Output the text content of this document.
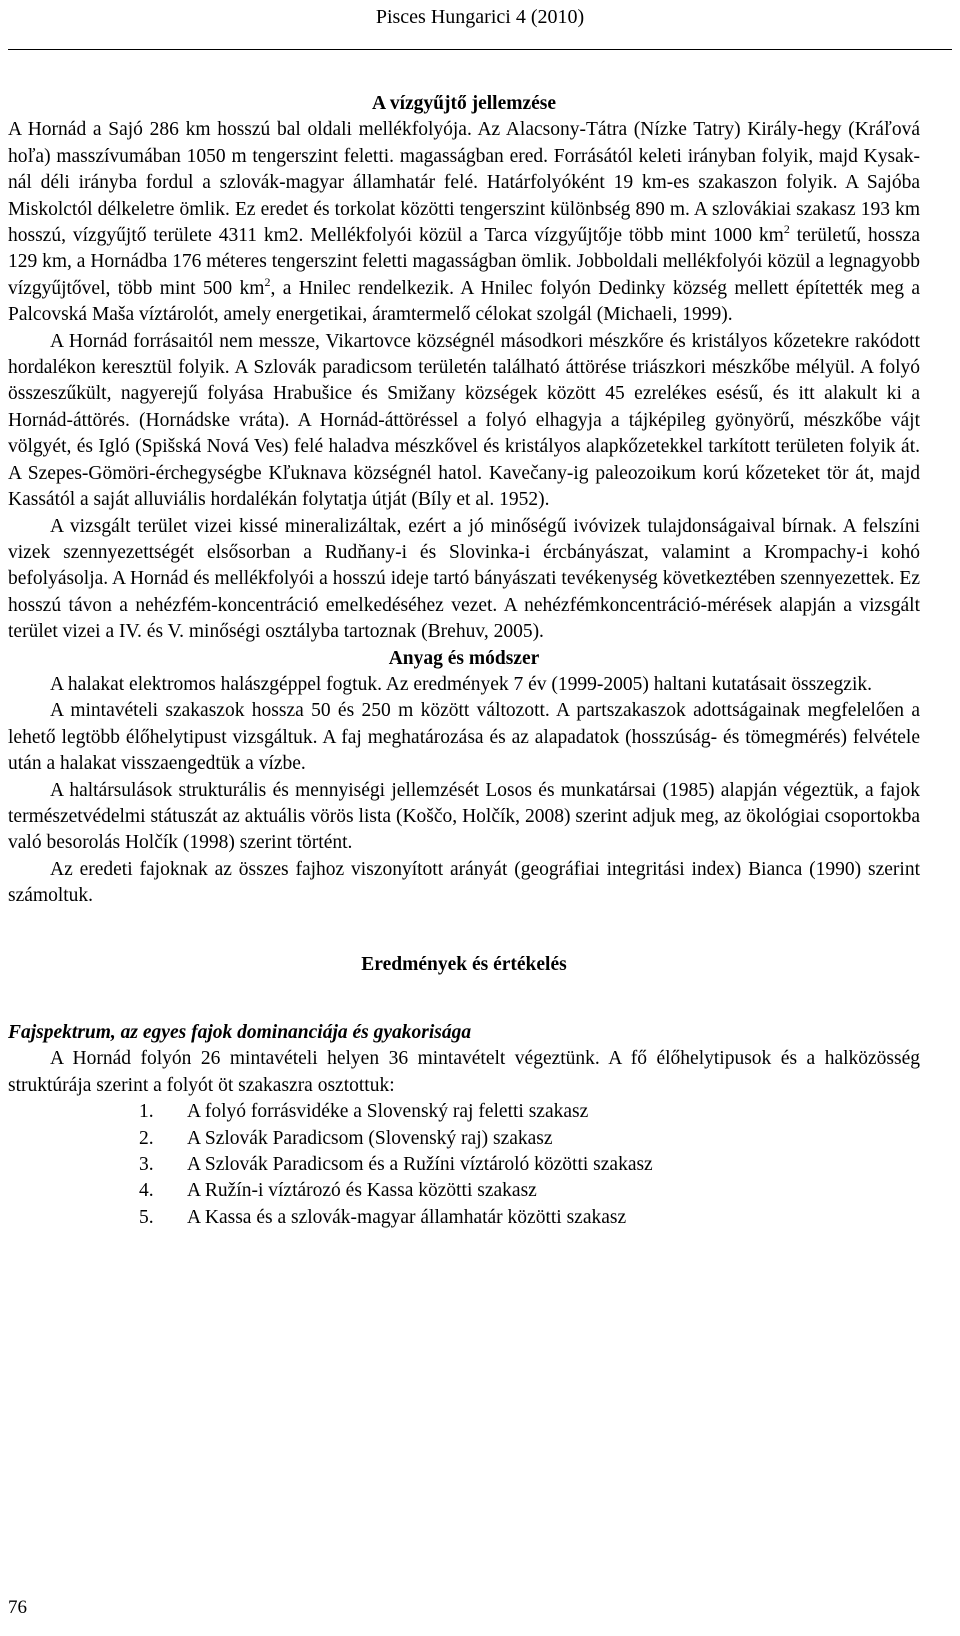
Pisces Hungarici 4 (2010)
A vízgyűjtő jellemzése

A Hornád a Sajó 286 km hosszú bal oldali mellékfolyója. Az Alacsony-Tátra (Nízke Tatry) Király-hegy (Kráľová hoľa) masszívumában 1050 m tengerszint feletti. magasságban ered. Forrásától keleti irányban folyik, majd Kysak-nál déli irányba fordul a szlovák-magyar államhatár felé. Határfolyóként 19 km-es szakaszon folyik. A Sajóba Miskolctól délkeletre ömlik. Ez eredet és torkolat közötti tengerszint különbség 890 m. A szlovákiai szakasz 193 km hosszú, vízgyűjtő területe 4311 km2. Mellékfolyói közül a Tarca vízgyűjtője több mint 1000 $km^2$ területű, hossza 129 km, a Hornádba 176 méteres tengerszint feletti magasságban ömlik. Jobboldali mellékfolyói közül a legnagyobb vízgyűjtővel, több mint 500 $km^2$, a Hnilec rendelkezik. A Hnilec folyón Dedinky község mellett építették meg a Palcovská Maša víztárolót, amely energetikai, áramtermelő célokat szolgál (Michaeli, 1999).

A Hornád forrásaitól nem messze, Vikartovce községnél másodkori mészkőre és kristályos kőzetekre rakódott hordalékon keresztül folyik. A Szlovák paradicsom területén található áttörése triászkori mészkőbe mélyül. A folyó összeszűkült, nagyerejű folyása Hrabušice és Smižany községek között 45 ezrelékes esésű, és itt alakult ki a Hornád-áttörés. (Hornádske vráta). A Hornád-áttöréssel a folyó elhagyja a tájképileg gyönyörű, mészkőbe vájt völgyét, és Igló (Spišská Nová Ves) felé haladva mészkővel és kristályos alapkőzetekkel tarkított területen folyik át. A Szepes-Gömöri-érchegységbe Kľuknava községnél hatol. Kavečany-ig paleozoikum korú kőzeteket tör át, majd Kassától a saját alluviális hordalékán folytatja útját (Bíly et al. 1952).

A vizsgált terület vizei kissé mineralizáltak, ezért a jó minőségű ivóvizek tulajdonságaival bírnak. A felszíni vizek szennyezettségét elsősorban a Rudňany-i és Slovinka-i ércbányászat, valamint a Krompachy-i kohó befolyásolja. A Hornád és mellékfolyói a hosszú ideje tartó bányászati tevékenység következtében szennyezettek. Ez hosszú távon a nehézfém-koncentráció emelkedéséhez vezet. A nehézfémkoncentráció-mérések alapján a vizsgált terület vizei a IV. és V. minőségi osztályba tartoznak (Brehuv, 2005).

Anyag és módszer

A halakat elektromos halászgéppel fogtuk. Az eredmények 7 év (1999-2005) haltani kutatásait összegzik.

A mintavételi szakaszok hossza 50 és 250 m között változott. A partszakaszok adottságainak megfelelően a lehető legtöbb élőhelytipust vizsgáltuk. A faj meghatározása és az alapadatok (hosszúság- és tömegmérés) felvétele után a halakat visszaengedtük a vízbe.

A haltársulások strukturális és mennyiségi jellemzését Losos és munkatársai (1985) alapján végeztük, a fajok természetvédelmi státuszát az aktuális vörös lista (Koščo, Holčík, 2008) szerint adjuk meg, az ökológiai csoportokba való besorolás Holčík (1998) szerint történt.

Az eredeti fajoknak az összes fajhoz viszonyított arányát (geográfiai integritási index) Bianca (1990) szerint számoltuk.

Eredmények és értékelés
Fajspektrum, az egyes fajok dominanciája és gyakorisága

A Hornád folyón 26 mintavételi helyen 36 mintavételt végeztünk. A fő élőhelytipusok és a halközösség struktúrája szerint a folyót öt szakaszra osztottuk:

1.	A folyó forrásvidéke a Slovenský raj feletti szakasz
2.	A Szlovák Paradicsom (Slovenský raj) szakasz
3.	A Szlovák Paradicsom és a Ružíni víztároló közötti szakasz
4.	A Ružín-i víztározó és Kassa közötti szakasz
5.	A Kassa és a szlovák-magyar államhatár közötti szakasz
76
